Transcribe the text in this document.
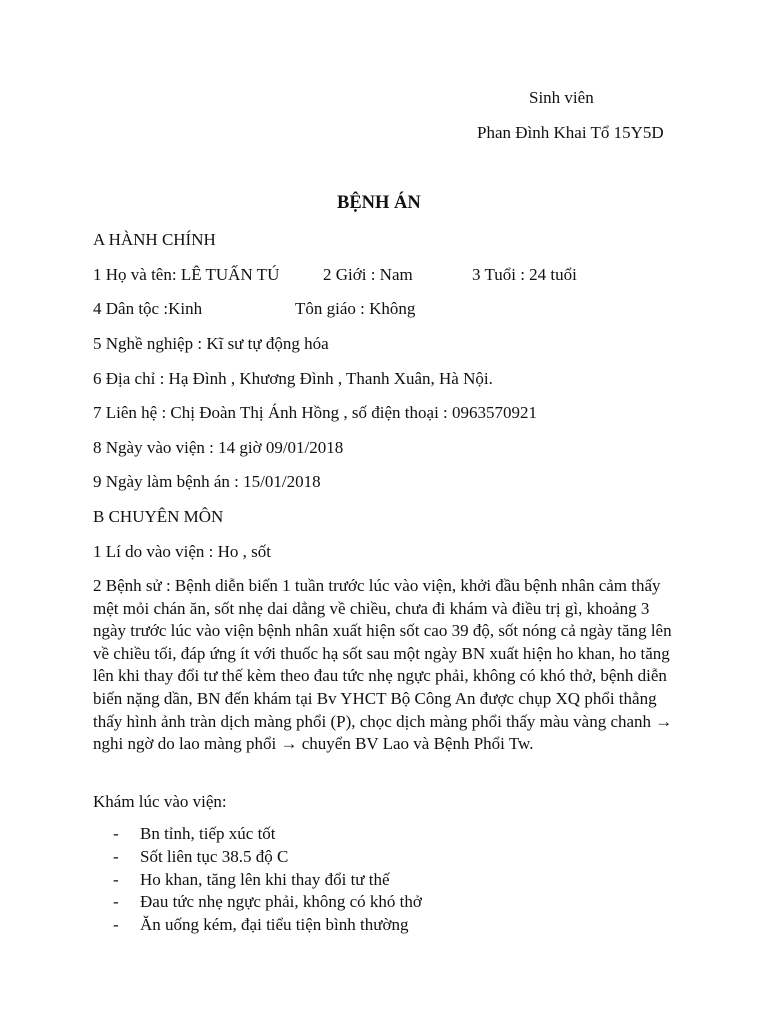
Sinh viên
Phan Đình Khai Tổ 15Y5D
BỆNH ÁN
A HÀNH CHÍNH
1 Họ và tên: LÊ TUẤN TÚ	2 Giới : Nam	3 Tuổi : 24 tuổi
4 Dân tộc :Kinh	Tôn giáo : Không
5 Nghề nghiệp : Kĩ sư tự động hóa
6 Địa chỉ : Hạ Đình , Khương Đình , Thanh Xuân, Hà Nội.
7 Liên hệ : Chị Đoàn Thị Ánh Hồng , số điện thoại : 0963570921
8 Ngày vào viện : 14 giờ 09/01/2018
9 Ngày làm bệnh án : 15/01/2018
B CHUYÊN MÔN
1 Lí do vào viện : Ho , sốt
2 Bệnh sử : Bệnh diễn biến 1 tuần trước lúc vào viện, khởi đầu bệnh nhân cảm thấy mệt mỏi chán ăn, sốt nhẹ dai dẳng về chiều, chưa đi khám và điều trị gì, khoảng 3 ngày trước lúc vào viện bệnh nhân xuất hiện sốt cao 39 độ, sốt nóng cả ngày tăng lên về chiều tối, đáp ứng ít với thuốc hạ sốt sau một ngày BN xuất hiện ho khan, ho tăng lên khi thay đổi tư thế kèm theo đau tức nhẹ ngực phải, không có khó thở, bệnh diễn biến nặng dần, BN đến khám tại Bv YHCT Bộ Công An được chụp XQ phổi thẳng thấy hình ảnh tràn dịch màng phổi (P), chọc dịch màng phổi thấy màu vàng chanh → nghi ngờ do lao màng phổi → chuyển BV Lao và Bệnh Phổi Tw.
Khám lúc vào viện:
- Bn tỉnh, tiếp xúc tốt
- Sốt liên tục 38.5 độ C
- Ho khan, tăng lên khi thay đổi tư thế
- Đau tức nhẹ ngực phải, không có khó thở
- Ăn uống kém, đại tiểu tiện bình thường
